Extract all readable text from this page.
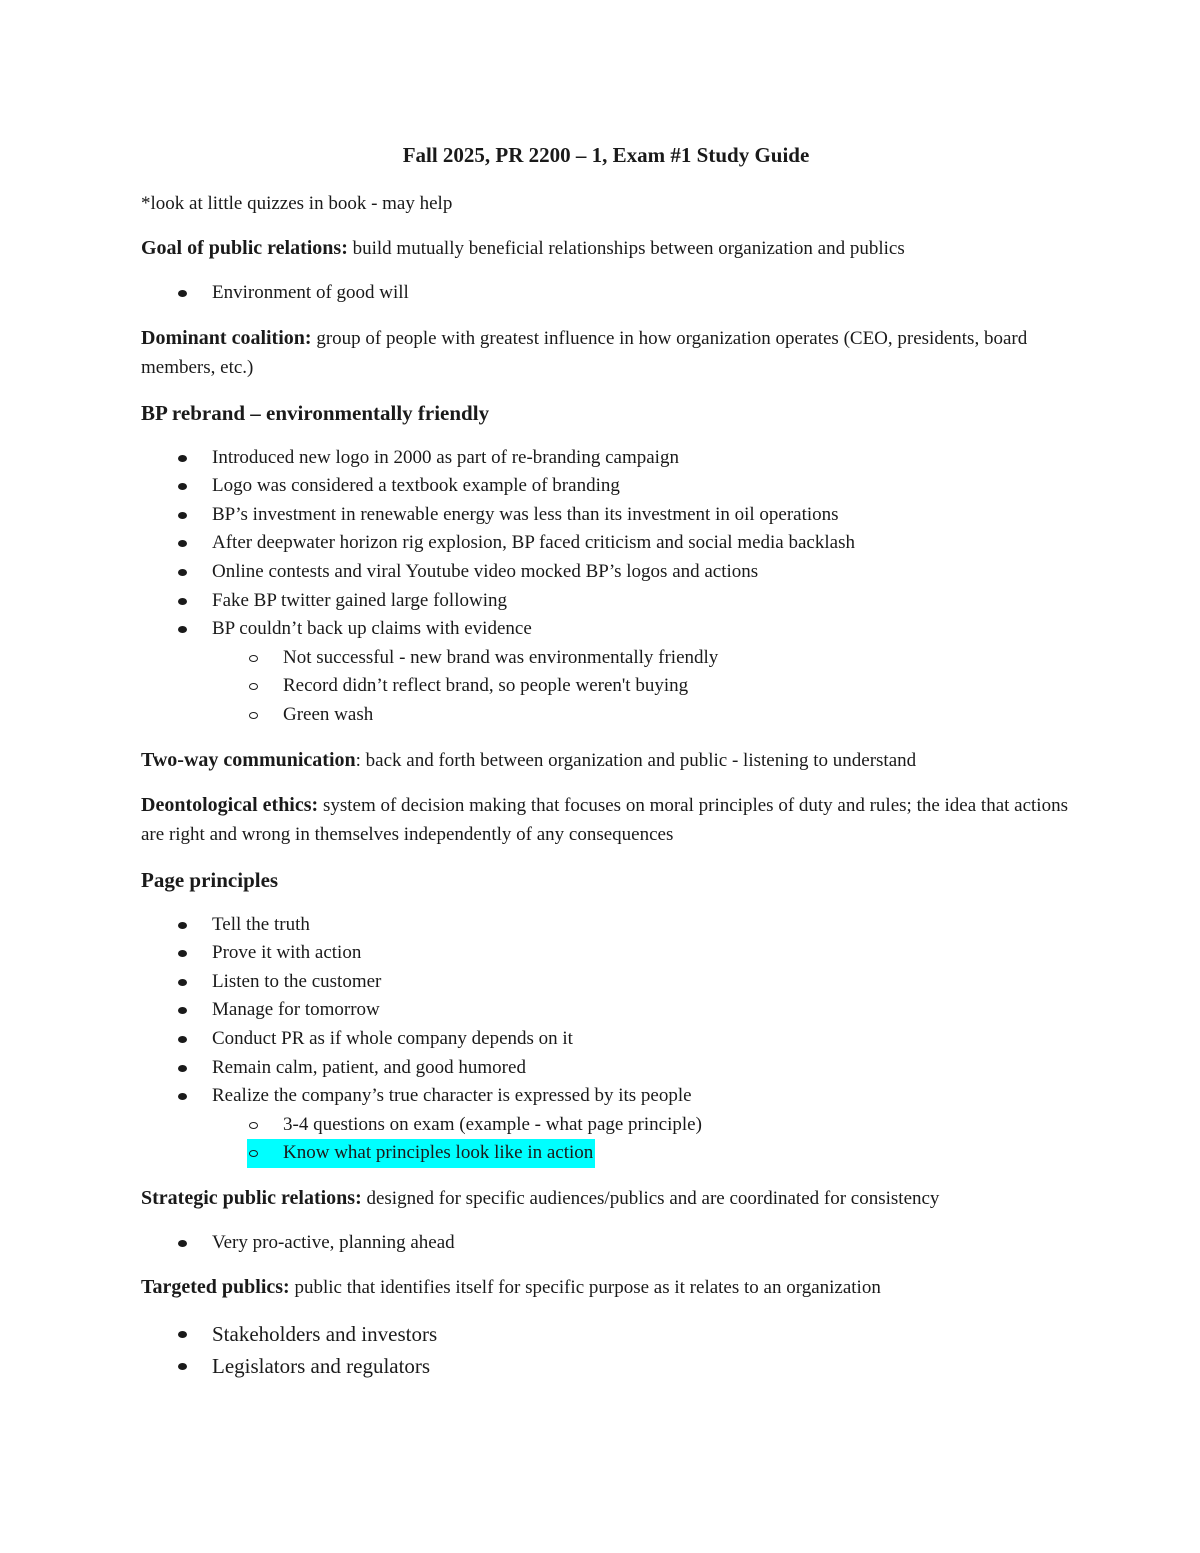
Fall 2025, PR 2200 – 1, Exam #1 Study Guide
*look at little quizzes in book - may help
Goal of public relations: build mutually beneficial relationships between organization and publics
Environment of good will
Dominant coalition: group of people with greatest influence in how organization operates (CEO, presidents, board members, etc.)
BP rebrand – environmentally friendly
Introduced new logo in 2000 as part of re-branding campaign
Logo was considered a textbook example of branding
BP’s investment in renewable energy was less than its investment in oil operations
After deepwater horizon rig explosion, BP faced criticism and social media backlash
Online contests and viral Youtube video mocked BP’s logos and actions
Fake BP twitter gained large following
BP couldn’t back up claims with evidence
Not successful - new brand was environmentally friendly
Record didn’t reflect brand, so people weren't buying
Green wash
Two-way communication: back and forth between organization and public - listening to understand
Deontological ethics: system of decision making that focuses on moral principles of duty and rules; the idea that actions are right and wrong in themselves independently of any consequences
Page principles
Tell the truth
Prove it with action
Listen to the customer
Manage for tomorrow
Conduct PR as if whole company depends on it
Remain calm, patient, and good humored
Realize the company’s true character is expressed by its people
3-4 questions on exam (example - what page principle)
Know what principles look like in action
Strategic public relations: designed for specific audiences/publics and are coordinated for consistency
Very pro-active, planning ahead
Targeted publics: public that identifies itself for specific purpose as it relates to an organization
Stakeholders and investors
Legislators and regulators
